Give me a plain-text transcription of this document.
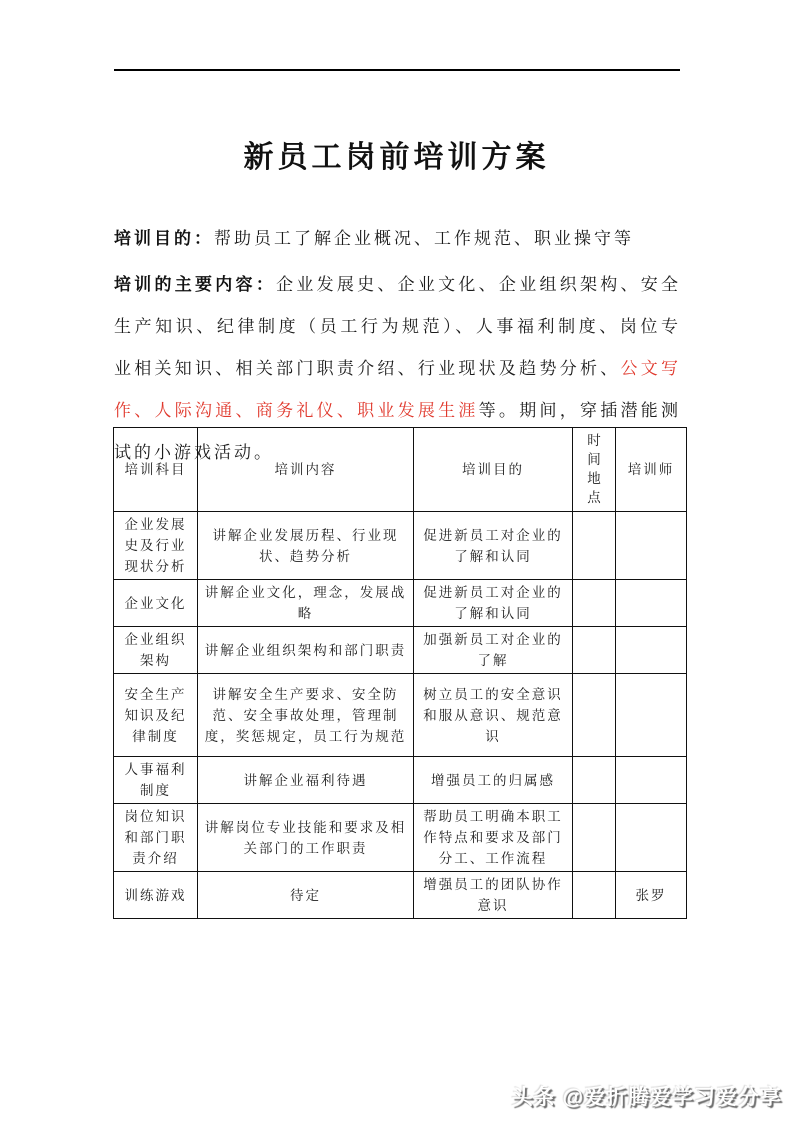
新员工岗前培训方案

培训目的：帮助员工了解企业概况、工作规范、职业操守等

培训的主要内容：企业发展史、企业文化、企业组织架构、安全生产知识、纪律制度（员工行为规范）、人事福利制度、岗位专业相关知识、相关部门职责介绍、行业现状及趋势分析、公文写作、人际沟通、商务礼仪、职业发展生涯等。期间，穿插潜能测试的小游戏活动。

培训科目	培训内容	培训目的	时间地点	培训师
企业发展史及行业现状分析	讲解企业发展历程、行业现状、趋势分析	促进新员工对企业的了解和认同		
企业文化	讲解企业文化，理念，发展战略	促进新员工对企业的了解和认同		
企业组织架构	讲解企业组织架构和部门职责	加强新员工对企业的了解		
安全生产知识及纪律制度	讲解安全生产要求、安全防范、安全事故处理，管理制度，奖惩规定，员工行为规范	树立员工的安全意识和服从意识、规范意识		
人事福利制度	讲解企业福利待遇	增强员工的归属感		
岗位知识和部门职责介绍	讲解岗位专业技能和要求及相关部门的工作职责	帮助员工明确本职工作特点和要求及部门分工、工作流程		
训练游戏	待定	增强员工的团队协作意识		张罗
头条 @爱折腾爱学习爱分享
